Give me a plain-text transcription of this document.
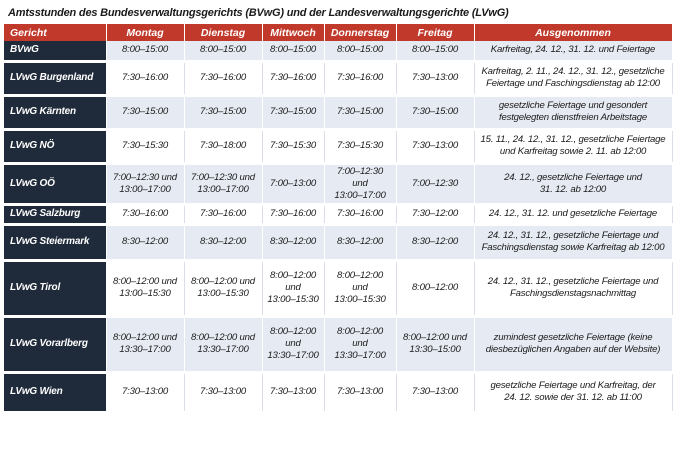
Amtsstunden des Bundesverwaltungsgerichts (BVwG) und der Landesverwaltungsgerichte (LVwG)
Gericht	Montag	Dienstag	Mittwoch	Donnerstag	Freitag	Ausgenommen
BVwG	8:00–15:00	8:00–15:00	8:00–15:00	8:00–15:00	8:00–15:00	Karfreitag, 24. 12., 31. 12. und Feiertage

LVwG Burgenland	7:30–16:00	7:30–16:00	7:30–16:00	7:30–16:00	7:30–13:00	Karfreitag, 2. 11., 24. 12., 31. 12., gesetzliche
Feiertage und Faschingsdienstag ab 12:00

LVwG Kärnten	7:30–15:00	7:30–15:00	7:30–15:00	7:30–15:00	7:30–15:00	gesetzliche Feiertage und gesondert
festgelegten dienstfreien Arbeitstage

LVwG NÖ	7:30–15:30	7:30–18:00	7:30–15:30	7:30–15:30	7:30–13:00	15. 11., 24. 12., 31. 12., gesetzliche Feiertage
und Karfreitag sowie 2. 11. ab 12:00

LVwG OÖ	7:00–12:30 und
13:00–17:00	7:00–12:30 und
13:00–17:00	7:00–13:00	7:00–12:30 und
13:00–17:00	7:00–12:30	24. 12., gesetzliche Feiertage und
31. 12. ab 12:00

LVwG Salzburg	7:30–16:00	7:30–16:00	7:30–16:00	7:30–16:00	7:30–12:00	24. 12., 31. 12. und gesetzliche Feiertage

LVwG Steiermark	8:30–12:00	8:30–12:00	8:30–12:00	8:30–12:00	8:30–12:00	24. 12., 31. 12., gesetzliche Feiertage und
Faschingsdienstag sowie Karfreitag ab 12:00

LVwG Tirol	8:00–12:00 und
13:00–15:30	8:00–12:00 und
13:00–15:30	8:00–12:00
und
13:00–15:30	8:00–12:00 und
13:00–15:30	8:00–12:00	24. 12., 31. 12., gesetzliche Feiertage und
Faschingsdienstagsnachmittag

LVwG Vorarlberg	8:00–12:00 und
13:30–17:00	8:00–12:00 und
13:30–17:00	8:00–12:00
und
13:30–17:00	8:00–12:00 und
13:30–17:00	8:00–12:00 und
13:30–15:00	zumindest gesetzliche Feiertage (keine
diesbezüglichen Angaben auf der Website)

LVwG Wien	7:30–13:00	7:30–13:00	7:30–13:00	7:30–13:00	7:30–13:00	gesetzliche Feiertage und Karfreitag, der
24. 12. sowie der 31. 12. ab 11:00
